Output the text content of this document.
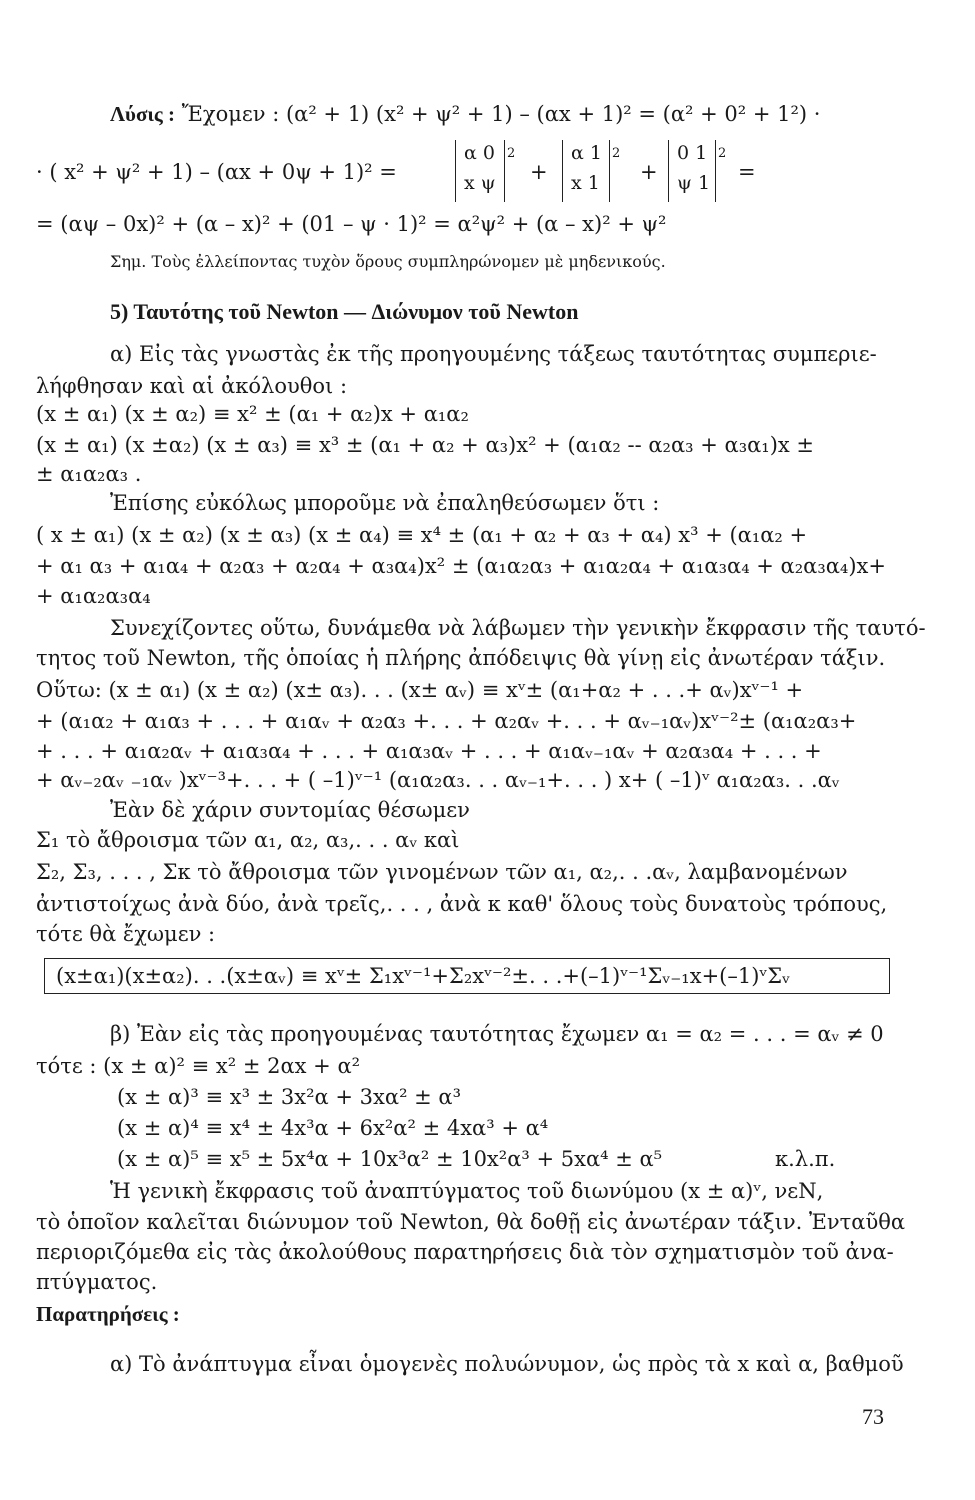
Λύσις : Ἔχομεν : (α² + 1) (x² + ψ² + 1) – (αx + 1)² = (α² + 0² + 1²) ·
· ( x² + ψ² + 1) – (αx + 0ψ + 1)² =
α 0
x ψ
2
+
α 1
x 1
2
+
0 1
ψ 1
2
=
= (αψ – 0x)² + (α – x)² + (01 – ψ · 1)² = α²ψ² + (α – x)² + ψ²
Σημ. Τοὺς ἐλλείποντας τυχὸν ὅρους συμπληρώνομεν μὲ μηδενικούς.
5) Ταυτότης τοῦ Newton — Διώνυμον τοῦ Newton
α) Εἰς τὰς γνωστὰς ἐκ τῆς προηγουμένης τάξεως ταυτότητας συμπεριε-
λήφθησαν καὶ αἱ ἀκόλουθοι :
(x ± α₁) (x ± α₂) ≡ x² ± (α₁ + α₂)x + α₁α₂
(x ± α₁) (x ±α₂) (x ± α₃) ≡ x³ ± (α₁ + α₂ + α₃)x² + (α₁α₂ -- α₂α₃ + α₃α₁)x ±
± α₁α₂α₃ .
Ἐπίσης εὐκόλως μποροῦμε νὰ ἐπαληθεύσωμεν ὅτι :
( x ± α₁) (x ± α₂) (x ± α₃) (x ± α₄) ≡ x⁴ ± (α₁ + α₂ + α₃ + α₄) x³ + (α₁α₂ +
+ α₁ α₃ + α₁α₄ + α₂α₃ + α₂α₄ + α₃α₄)x² ± (α₁α₂α₃ + α₁α₂α₄ + α₁α₃α₄ + α₂α₃α₄)x+
+ α₁α₂α₃α₄
Συνεχίζοντες οὕτω, δυνάμεθα νὰ λάβωμεν τὴν γενικὴν ἔκφρασιν τῆς ταυτό-
τητος τοῦ Newton, τῆς ὁποίας ἡ πλήρης ἀπόδειψις θὰ γίνῃ εἰς ἀνωτέραν τάξιν.
Οὕτω: (x ± α₁) (x ± α₂) (x± α₃). . . (x± αᵥ) ≡ xᵛ± (α₁+α₂ + . . .+ αᵥ)xᵛ⁻¹ +
+ (α₁α₂ + α₁α₃ + . . . + α₁αᵥ + α₂α₃ +. . . + α₂αᵥ +. . . + αᵥ₋₁αᵥ)xᵛ⁻²± (α₁α₂α₃+
+ . . . + α₁α₂αᵥ + α₁α₃α₄ + . . . + α₁α₃αᵥ + . . . + α₁αᵥ₋₁αᵥ + α₂α₃α₄ + . . . +
+ αᵥ₋₂αᵥ ₋₁αᵥ )xᵛ⁻³+. . . + ( –1)ᵛ⁻¹ (α₁α₂α₃. . . αᵥ₋₁+. . . ) x+ ( –1)ᵛ α₁α₂α₃. . .αᵥ
Ἐὰν δὲ χάριν συντομίας θέσωμεν
Σ₁ τὸ ἄθροισμα τῶν α₁, α₂, α₃,. . . αᵥ καὶ
Σ₂, Σ₃, . . . , Σκ τὸ ἄθροισμα τῶν γινομένων τῶν α₁, α₂,. . .αᵥ, λαμβανομένων
ἀντιστοίχως ἀνὰ δύο, ἀνὰ τρεῖς,. . . , ἀνὰ κ καθ' ὅλους τοὺς δυνατοὺς τρόπους,
τότε θὰ ἔχωμεν :
(x±α₁)(x±α₂). . .(x±αᵥ) ≡ xᵛ± Σ₁xᵛ⁻¹+Σ₂xᵛ⁻²±. . .+(–1)ᵛ⁻¹Σᵥ₋₁x+(–1)ᵛΣᵥ
β) Ἐὰν εἰς τὰς προηγουμένας ταυτότητας ἔχωμεν α₁ = α₂ = . . . = αᵥ ≠ 0
τότε : (x ± α)² ≡ x² ± 2αx + α²
(x ± α)³ ≡ x³ ± 3x²α + 3xα² ± α³
(x ± α)⁴ ≡ x⁴ ± 4x³α + 6x²α² ± 4xα³ + α⁴
(x ± α)⁵ ≡ x⁵ ± 5x⁴α + 10x³α² ± 10x²α³ + 5xα⁴ ± α⁵	κ.λ.π.
Ἡ γενικὴ ἔκφρασις τοῦ ἀναπτύγματος τοῦ διωνύμου (x ± α)ᵛ, νεΝ,
τὸ ὁποῖον καλεῖται διώνυμον τοῦ Newton, θὰ δοθῇ εἰς ἀνωτέραν τάξιν. Ἐνταῦθα
περιοριζόμεθα εἰς τὰς ἀκολούθους παρατηρήσεις διὰ τὸν σχηματισμὸν τοῦ ἀνα-
πτύγματος.
Παρατηρήσεις :
α) Τὸ ἀνάπτυγμα εἶναι ὁμογενὲς πολυώνυμον, ὡς πρὸς τὰ x καὶ α, βαθμοῦ
73
